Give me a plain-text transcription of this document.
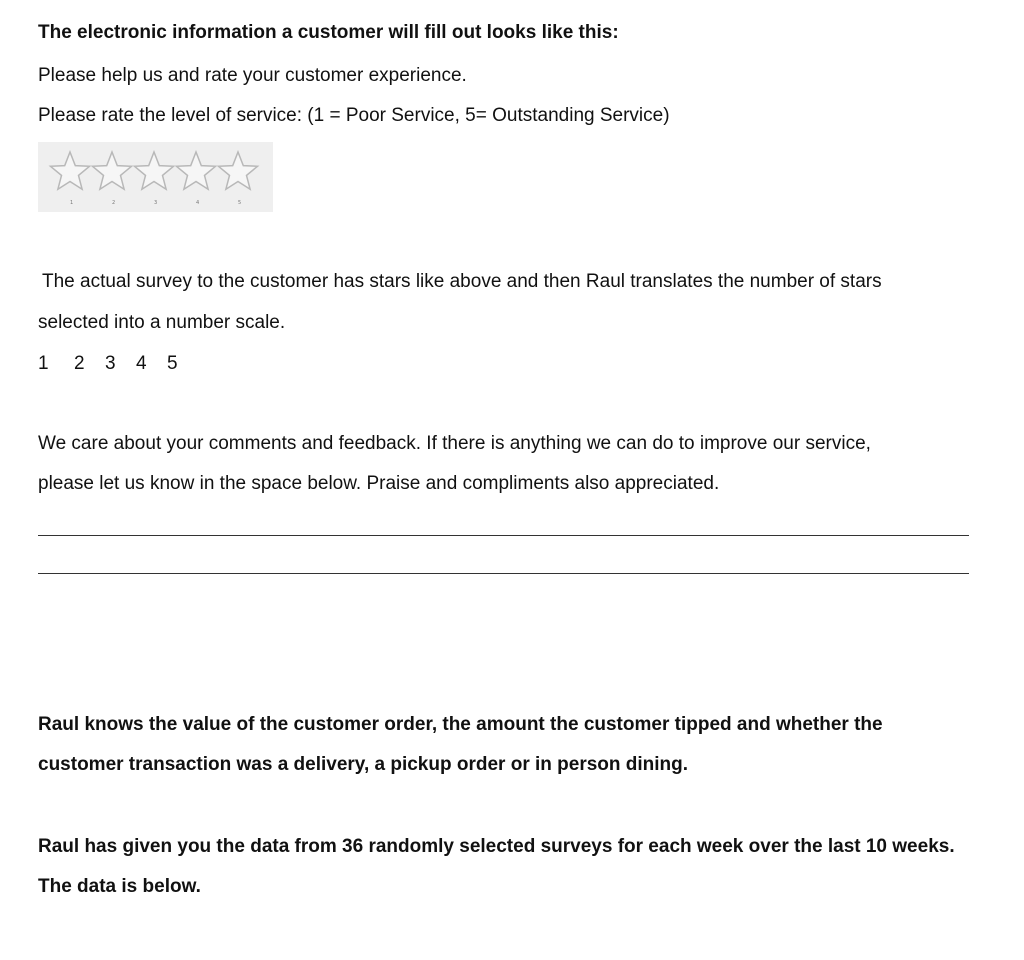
The electronic information a customer will fill out looks like this:

Please help us and rate your customer experience.

Please rate the level of service: (1 = Poor Service, 5= Outstanding Service)

1	2	3	4	5

The actual survey to the customer has stars like above and then Raul translates the number of stars

selected into a number scale.

1 2 3 4 5

We care about your comments and feedback. If there is anything we can do to improve our service,

please let us know in the space below. Praise and compliments also appreciated.

Raul knows the value of the customer order, the amount the customer tipped and whether the

customer transaction was a delivery, a pickup order or in person dining.

Raul has given you the data from 36 randomly selected surveys for each week over the last 10 weeks.

The data is below.
